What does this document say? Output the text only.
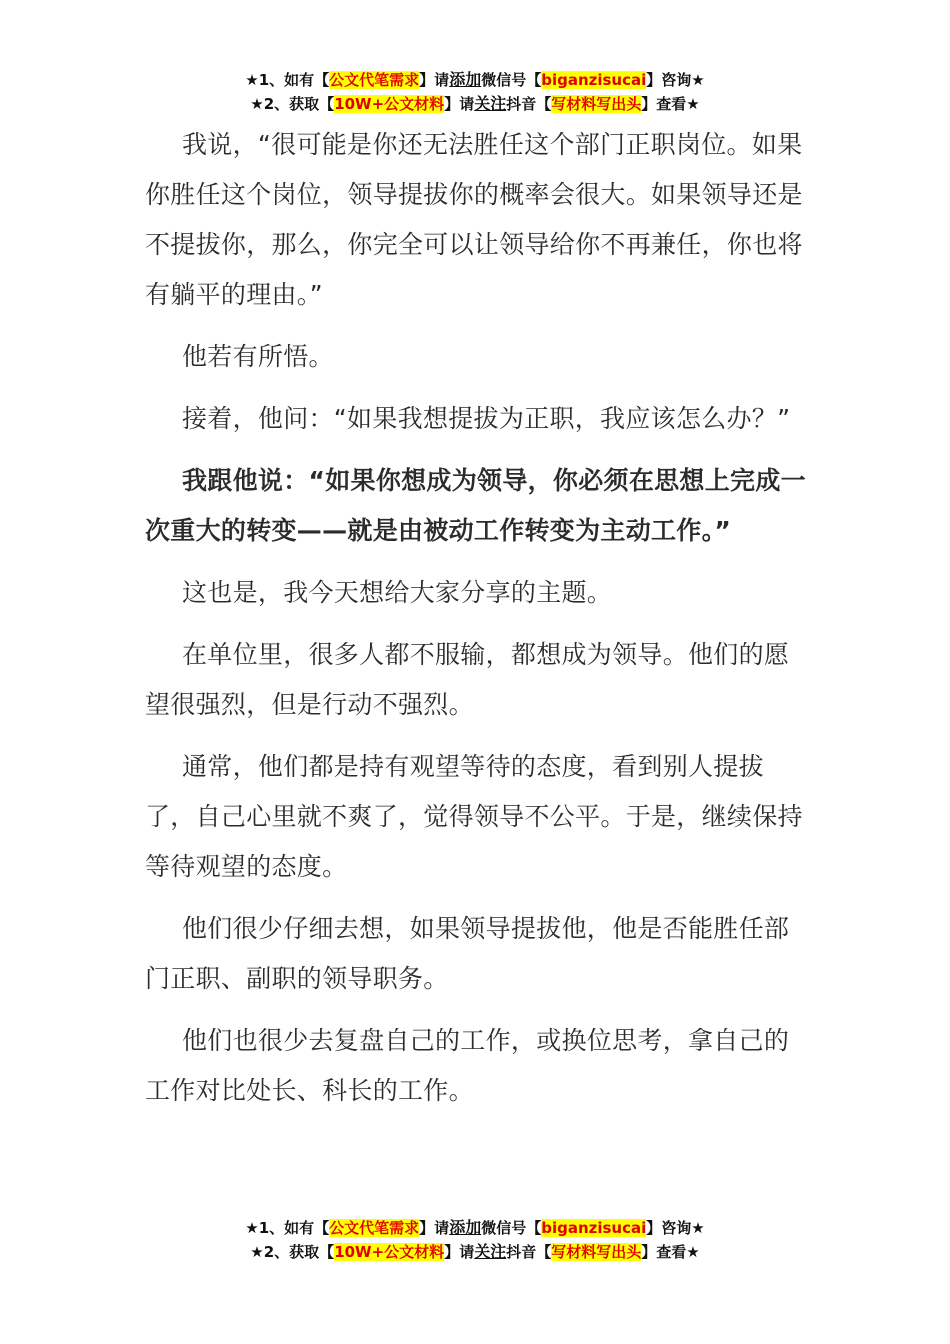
★1、如有【公文代笔需求】请添加微信号【biganzisucai】咨询★
★2、获取【10W+公文材料】请关注抖音【写材料写出头】查看★

我说，“很可能是你还无法胜任这个部门正职岗位。如果你胜任这个岗位，领导提拔你的概率会很大。如果领导还是不提拔你，那么，你完全可以让领导给你不再兼任，你也将有躺平的理由。”

他若有所悟。

接着，他问：“如果我想提拔为正职，我应该怎么办？”

我跟他说：“如果你想成为领导，你必须在思想上完成一次重大的转变——就是由被动工作转变为主动工作。”

这也是，我今天想给大家分享的主题。

在单位里，很多人都不服输，都想成为领导。他们的愿望很强烈，但是行动不强烈。

通常，他们都是持有观望等待的态度，看到别人提拔了，自己心里就不爽了，觉得领导不公平。于是，继续保持等待观望的态度。

他们很少仔细去想，如果领导提拔他，他是否能胜任部门正职、副职的领导职务。

他们也很少去复盘自己的工作，或换位思考，拿自己的工作对比处长、科长的工作。

★1、如有【公文代笔需求】请添加微信号【biganzisucai】咨询★
★2、获取【10W+公文材料】请关注抖音【写材料写出头】查看★
